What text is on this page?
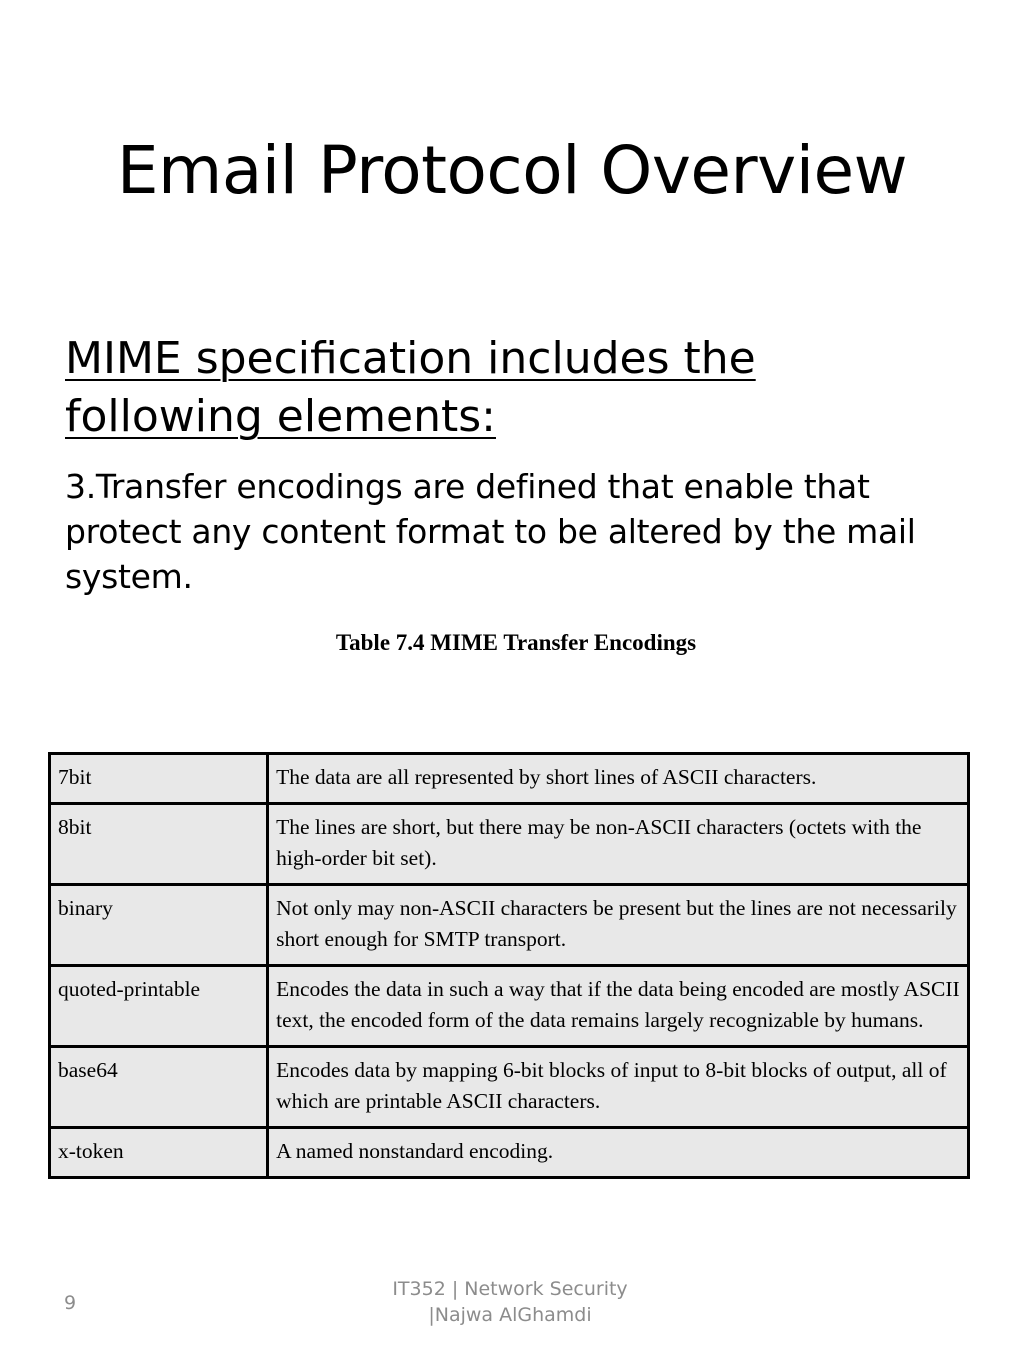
Email Protocol Overview
MIME specification includes the following elements:
3.Transfer encodings are defined that enable that protect any content format to be altered by the mail system.
Table 7.4 MIME Transfer Encodings
7bit	The data are all represented by short lines of ASCII characters.
8bit	The lines are short, but there may be non-ASCII characters (octets with the high-order bit set).
binary	Not only may non-ASCII characters be present but the lines are not necessarily short enough for SMTP transport.
quoted-printable	Encodes the data in such a way that if the data being encoded are mostly ASCII text, the encoded form of the data remains largely recognizable by humans.
base64	Encodes data by mapping 6-bit blocks of input to 8-bit blocks of output, all of which are printable ASCII characters.
x-token	A named nonstandard encoding.
9
IT352 | Network Security
|Najwa AlGhamdi
